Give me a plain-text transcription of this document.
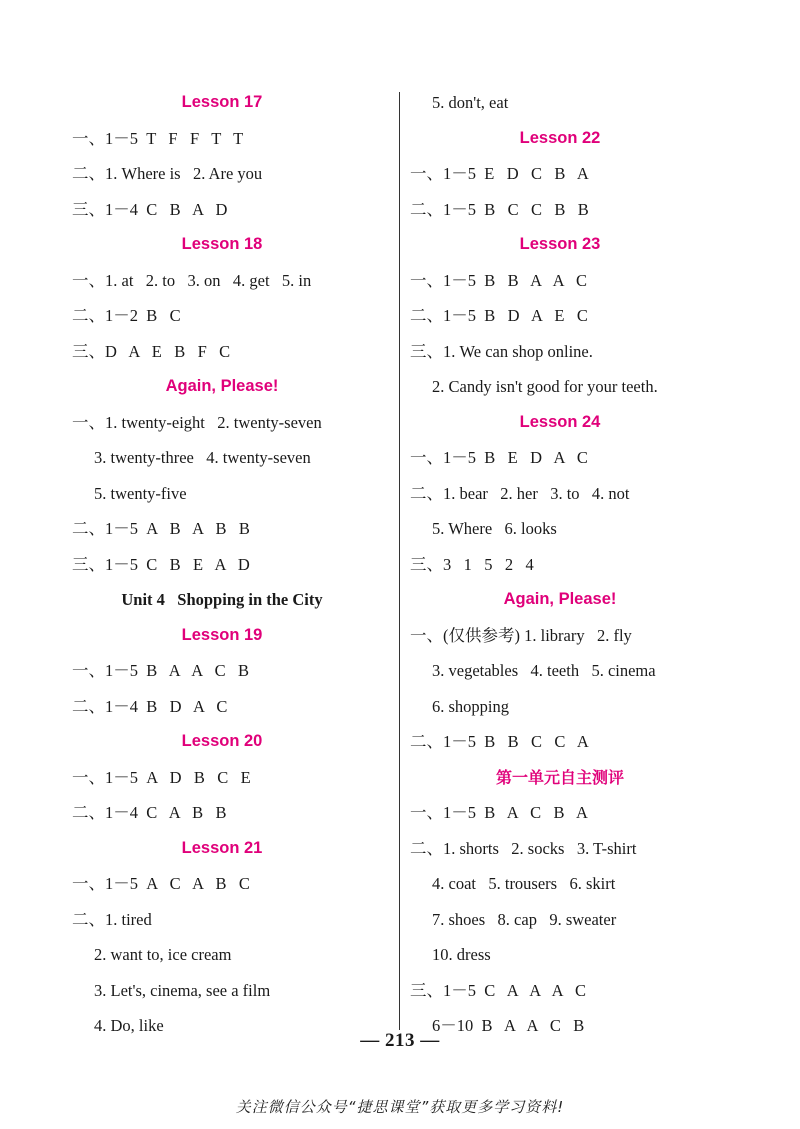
Lesson 17
一、1－5  T   F   F   T   T
二、1. Where is   2. Are you
三、1－4  C   B   A   D
Lesson 18
一、1. at   2. to   3. on   4. get   5. in
二、1－2  B   C
三、D   A   E   B   F   C
Again, Please!
一、1. twenty-eight   2. twenty-seven
3. twenty-three   4. twenty-seven
5. twenty-five
二、1－5  A   B   A   B   B
三、1－5  C   B   E   A   D
Unit 4   Shopping in the City
Lesson 19
一、1－5  B   A   A   C   B
二、1－4  B   D   A   C
Lesson 20
一、1－5  A   D   B   C   E
二、1－4  C   A   B   B
Lesson 21
一、1－5  A   C   A   B   C
二、1. tired
2. want to, ice cream
3. Let's, cinema, see a film
4. Do, like
5. don't, eat
Lesson 22
一、1－5  E   D   C   B   A
二、1－5  B   C   C   B   B
Lesson 23
一、1－5  B   B   A   A   C
二、1－5  B   D   A   E   C
三、1. We can shop online.
2. Candy isn't good for your teeth.
Lesson 24
一、1－5  B   E   D   A   C
二、1. bear   2. her   3. to   4. not
5. Where   6. looks
三、3   1   5   2   4
Again, Please!
一、(仅供参考) 1. library   2. fly
3. vegetables   4. teeth   5. cinema
6. shopping
二、1－5  B   B   C   C   A
第一单元自主测评
一、1－5  B   A   C   B   A
二、1. shorts   2. socks   3. T-shirt
4. coat   5. trousers   6. skirt
7. shoes   8. cap   9. sweater
10. dress
三、1－5  C   A   A   A   C
6－10  B   A   A   C   B
— 213 —
关注微信公众号“捷思课堂”获取更多学习资料!
